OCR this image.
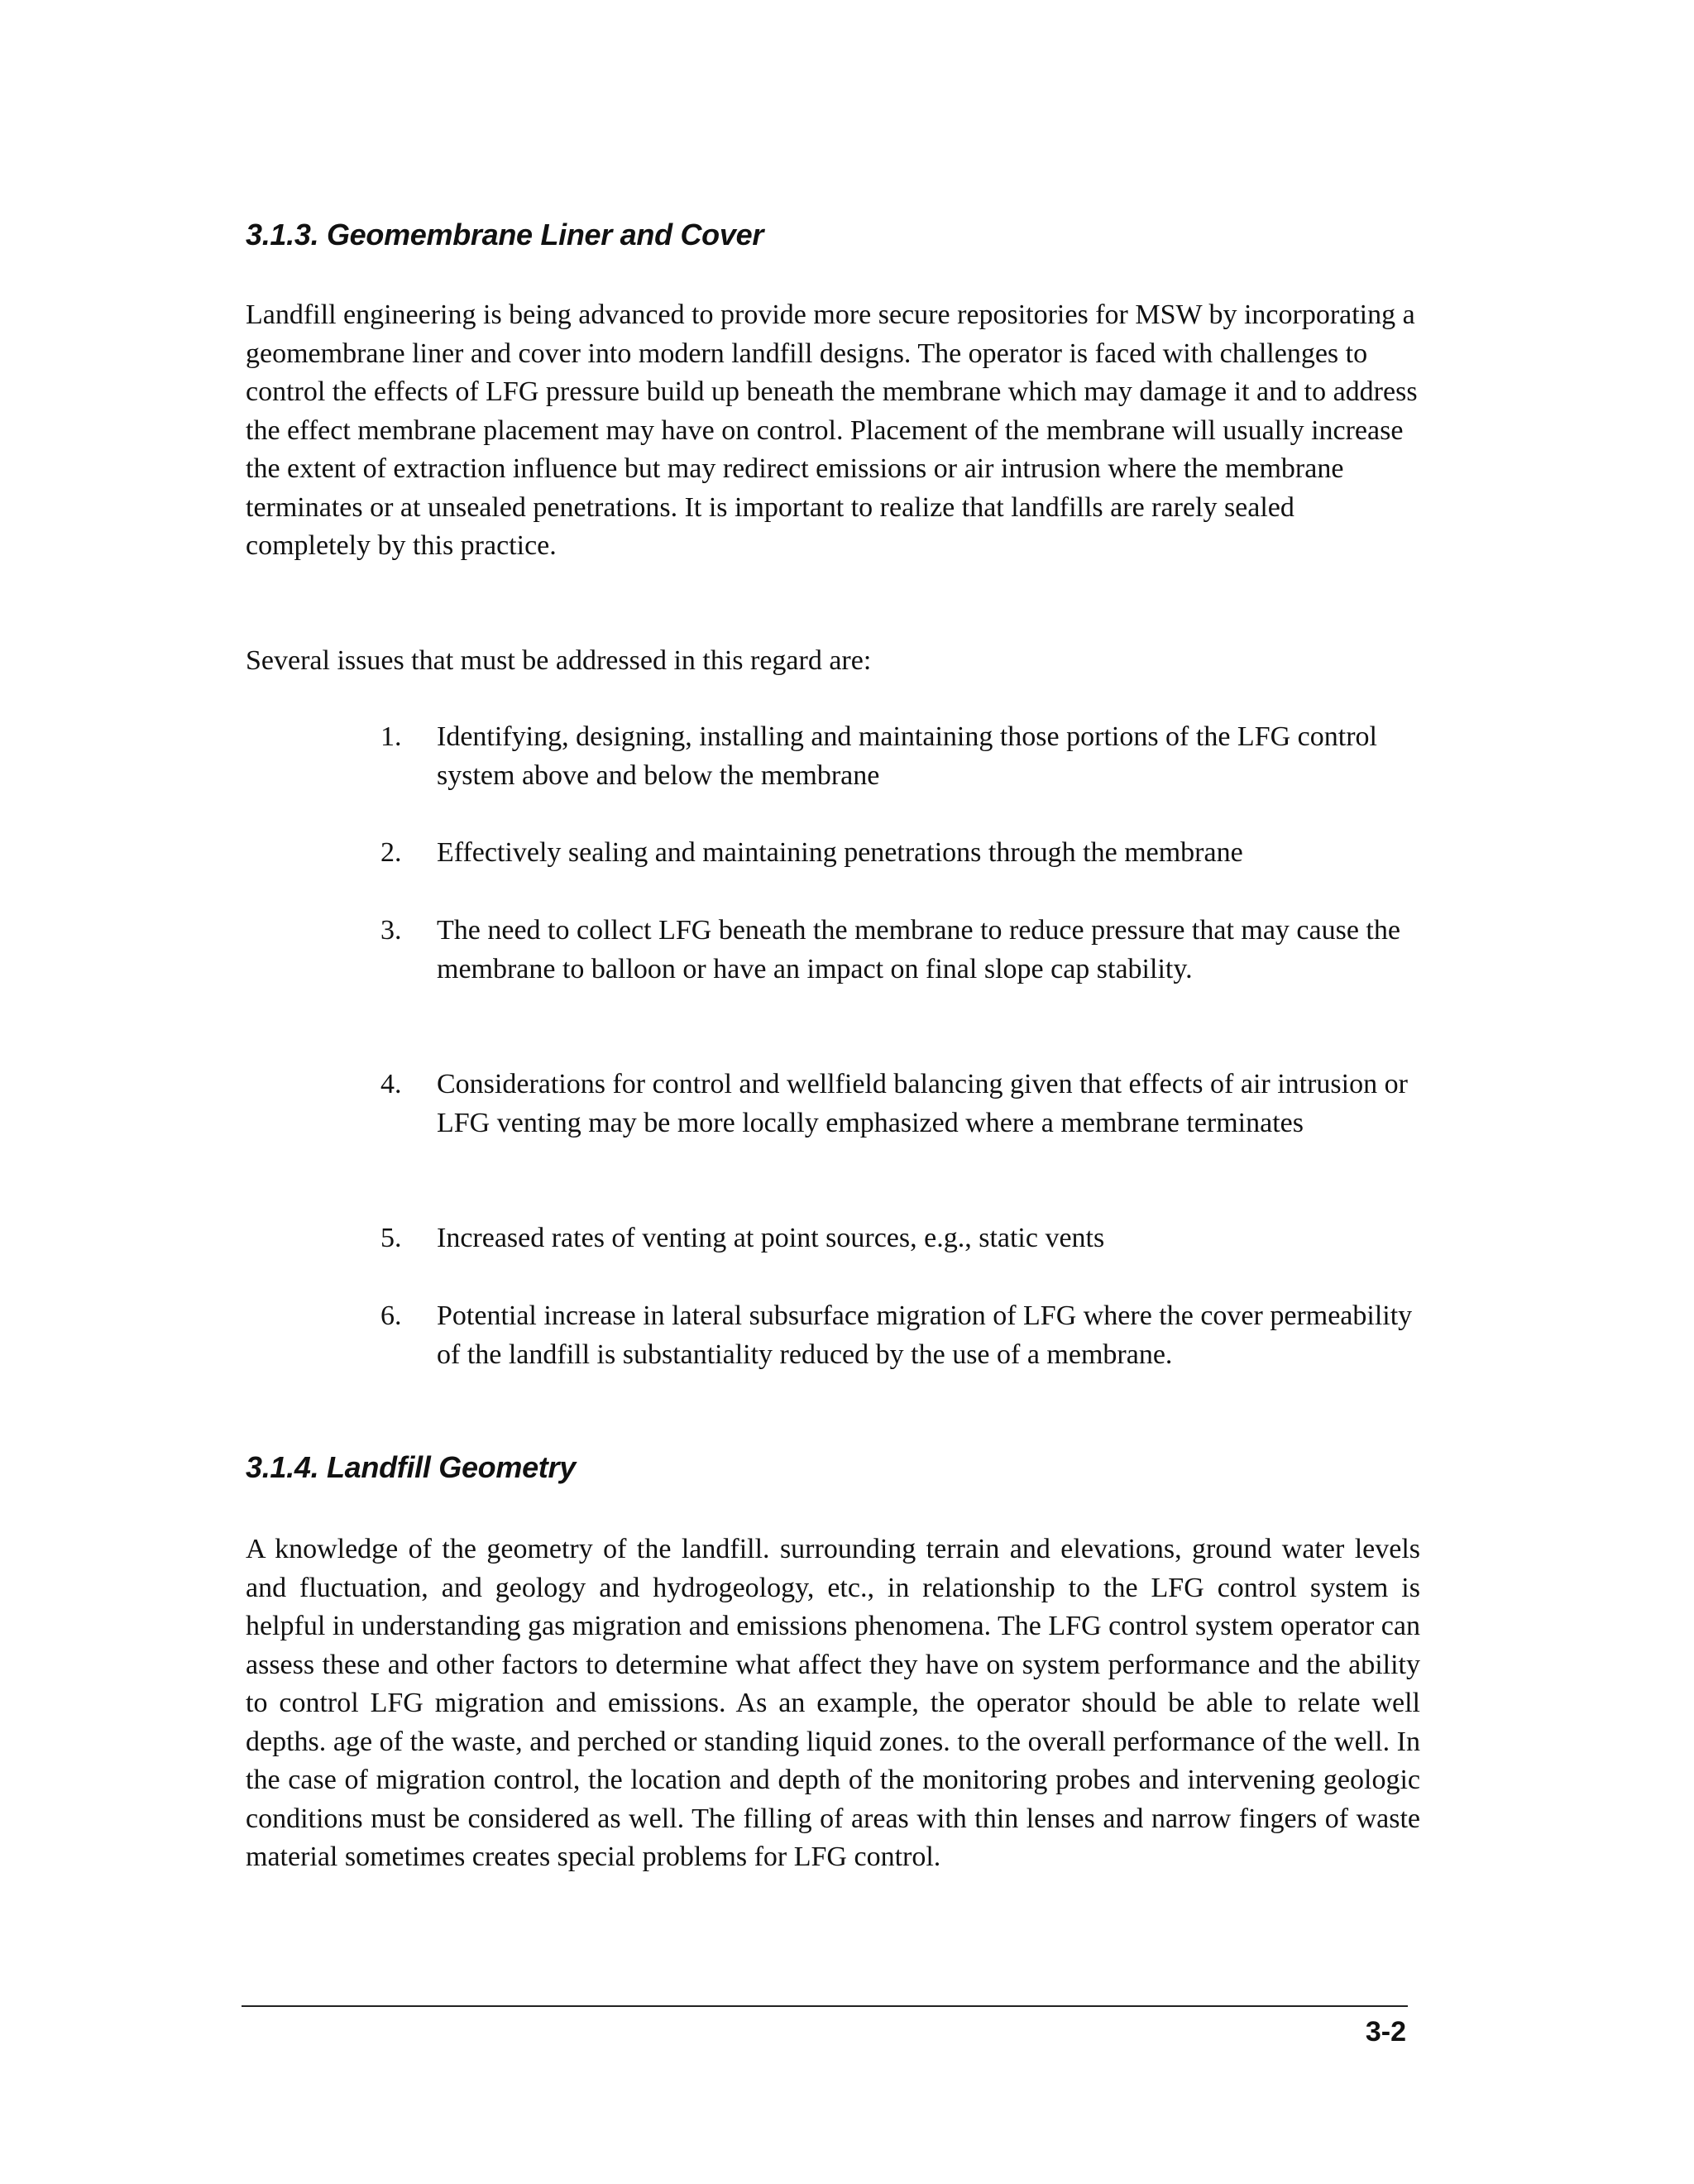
3.1.3. Geomembrane Liner and Cover

Landfill engineering is being advanced to provide more secure repositories for MSW by incorporating a geomembrane liner and cover into modern landfill designs. The operator is faced with challenges to control the effects of LFG pressure build up beneath the membrane which may damage it and to address the effect membrane placement may have on control. Placement of the membrane will usually increase the extent of extraction influence but may redirect emissions or air intrusion where the membrane terminates or at unsealed penetrations. It is important to realize that landfills are rarely sealed completely by this practice.

Several issues that must be addressed in this regard are:

1.	Identifying, designing, installing and maintaining those portions of the LFG control system above and below the membrane
2.	Effectively sealing and maintaining penetrations through the membrane
3.	The need to collect LFG beneath the membrane to reduce pressure that may cause the membrane to balloon or have an impact on final slope cap stability.
4.	Considerations for control and wellfield balancing given that effects of air intrusion or LFG venting may be more locally emphasized where a membrane terminates
5.	Increased rates of venting at point sources, e.g., static vents
6.	Potential increase in lateral subsurface migration of LFG where the cover permeability of the landfill is substantiality reduced by the use of a membrane.
3.1.4. Landfill Geometry

A knowledge of the geometry of the landfill. surrounding terrain and elevations, ground water levels and fluctuation, and geology and hydrogeology, etc., in relationship to the LFG control system is helpful in understanding gas migration and emissions phenomena. The LFG control system operator can assess these and other factors to determine what affect they have on system performance and the ability to control LFG migration and emissions. As an example, the operator should be able to relate well depths. age of the waste, and perched or standing liquid zones. to the overall performance of the well. In the case of migration control, the location and depth of the monitoring probes and intervening geologic conditions must be considered as well. The filling of areas with thin lenses and narrow fingers of waste material sometimes creates special problems for LFG control.

3-2
